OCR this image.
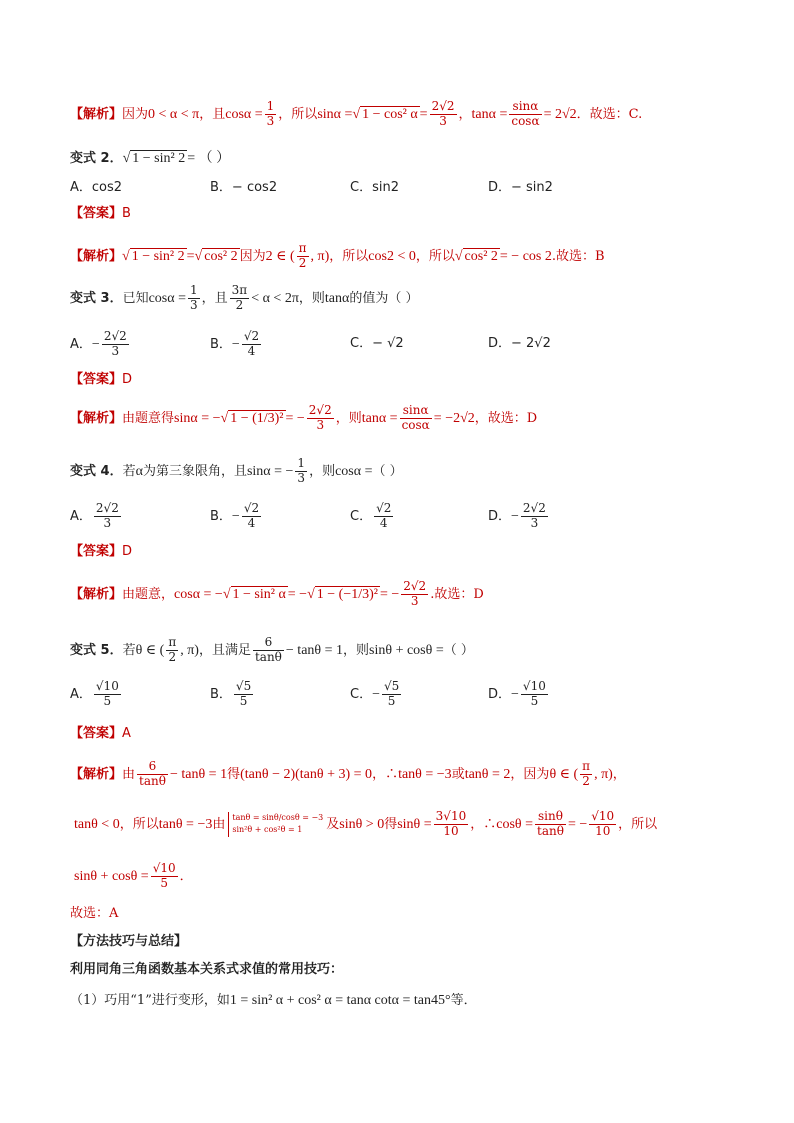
【解析】因为0 < α < π，且$\cos\alpha = \frac{1}{3}$ ，所以sinα = √ 1 − cos² $\alpha = \frac{2√2}{3}$ ，$\tan\alpha = \frac{\sin\alpha}{\cos\alpha} = 2√2$．故选：C.
变式 2． √ 1 − sin² 2 = （ ）
A．cos2	B．− cos2	C．sin2	D．− sin2
【答案】B
【解析】 √ 1 − sin² 2 = √ cos² 2 因为2 ∈ ( $\frac{\pi}{2}$ , π)，所以cos2 < 0，所以 √ cos² 2 = − cos 2.故选：B
变式 3．已知$\cos\alpha = \frac{1}{3}$ ，且 $\frac{3\pi}{2} < \alpha < 2\pi$，则tanα的值为（ ）
A．− $\frac{2√2}{3}$	B．− $\frac{√2}{4}$	C．− √2	D．− 2√2
【答案】D
【解析】由题意得sinα = − √ 1 − (1/3)² = − $\frac{2√2}{3}$ ，则$\tan\alpha = \frac{\sin\alpha}{\cos\alpha} = -2√2$，故选：D
变式 4．若α为第三象限角，且sinα = − $\frac{1}{3}$ ，则cosα =（ ）
A． $\frac{2√2}{3}$	B．− $\frac{√2}{4}$	C． $\frac{√2}{4}$	D．− $\frac{2√2}{3}$
【答案】D
【解析】由题意，cosα = − √ 1 − sin² α = − √ 1 − (−1/3)² = − $\frac{2√2}{3}$ .故选：D
变式 5．若θ ∈ ( $\frac{\pi}{2}$ , π)，且满足 $\frac{6}{\tan\theta} - \tan\theta = 1$，则sinθ + cosθ =（ ）
A． $\frac{√10}{5}$	B． $\frac{√5}{5}$	C．− $\frac{√5}{5}$	D．− $\frac{√10}{5}$
【答案】A
【解析】由 $\frac{6}{\tan\theta} - \tan\theta = 1$得(tanθ − 2)(tanθ + 3) = 0，∴tanθ = −3或tanθ = 2，因为θ ∈ ( $\frac{\pi}{2}$ , π)，
tanθ < 0，所以tanθ = −3由 tanθ = sinθ/cosθ = −3
sin²θ + cos²θ = 1	及sinθ > 0得$\sin\theta = \frac{3√10}{10}$ ，∴cosθ = $\frac{\sin\theta}{\tan\theta}$ = − $\frac{√10}{10}$ ，所以
$\sin\theta + \cos\theta = \frac{√10}{5}$ ．
故选：A
【方法技巧与总结】
利用同角三角函数基本关系式求值的常用技巧：
（1）巧用“1”进行变形，如1 = sin² α + cos² α = tanα cotα = tan45°等．
